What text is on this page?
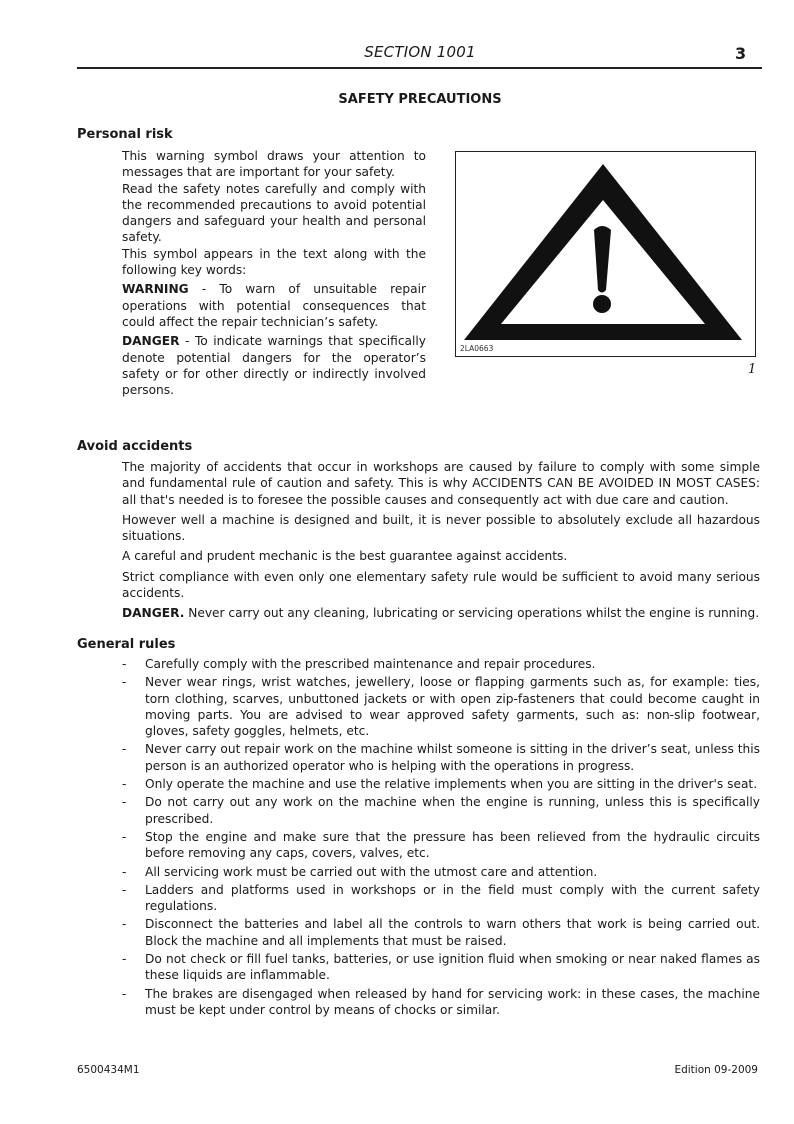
SECTION 1001	3
SAFETY PRECAUTIONS
Personal risk

This warning symbol draws your attention to messages that are important for your safety.

Read the safety notes carefully and comply with the recommended precautions to avoid potential dangers and safeguard your health and personal safety.

This symbol appears in the text along with the following key words:

WARNING - To warn of unsuitable repair operations with potential consequences that could affect the repair technician’s safety.

DANGER - To indicate warnings that specifically denote potential dangers for the operator’s safety or for other directly or indirectly involved persons.

2LA0663
1
Avoid accidents

The majority of accidents that occur in workshops are caused by failure to comply with some simple and fundamental rule of caution and safety. This is why ACCIDENTS CAN BE AVOIDED IN MOST CASES: all that's needed is to foresee the possible causes and consequently act with due care and caution.

However well a machine is designed and built, it is never possible to absolutely exclude all hazardous situations.

A careful and prudent mechanic is the best guarantee against accidents.

Strict compliance with even only one elementary safety rule would be sufficient to avoid many serious accidents.

DANGER. Never carry out any cleaning, lubricating or servicing operations whilst the engine is running.

General rules
- Carefully comply with the prescribed maintenance and repair procedures.
- Never wear rings, wrist watches, jewellery, loose or flapping garments such as, for example: ties, torn clothing, scarves, unbuttoned jackets or with open zip-fasteners that could become caught in moving parts. You are advised to wear approved safety garments, such as: non-slip footwear, gloves, safety goggles, helmets, etc.
- Never carry out repair work on the machine whilst someone is sitting in the driver’s seat, unless this person is an authorized operator who is helping with the operations in progress.
- Only operate the machine and use the relative implements when you are sitting in the driver's seat.
- Do not carry out any work on the machine when the engine is running, unless this is specifically prescribed.
- Stop the engine and make sure that the pressure has been relieved from the hydraulic circuits before removing any caps, covers, valves, etc.
- All servicing work must be carried out with the utmost care and attention.
- Ladders and platforms used in workshops or in the field must comply with the current safety regulations.
- Disconnect the batteries and label all the controls to warn others that work is being carried out. Block the machine and all implements that must be raised.
- Do not check or fill fuel tanks, batteries, or use ignition fluid when smoking or near naked flames as these liquids are inflammable.
- The brakes are disengaged when released by hand for servicing work: in these cases, the machine must be kept under control by means of chocks or similar.
6500434M1	Edition 09-2009
